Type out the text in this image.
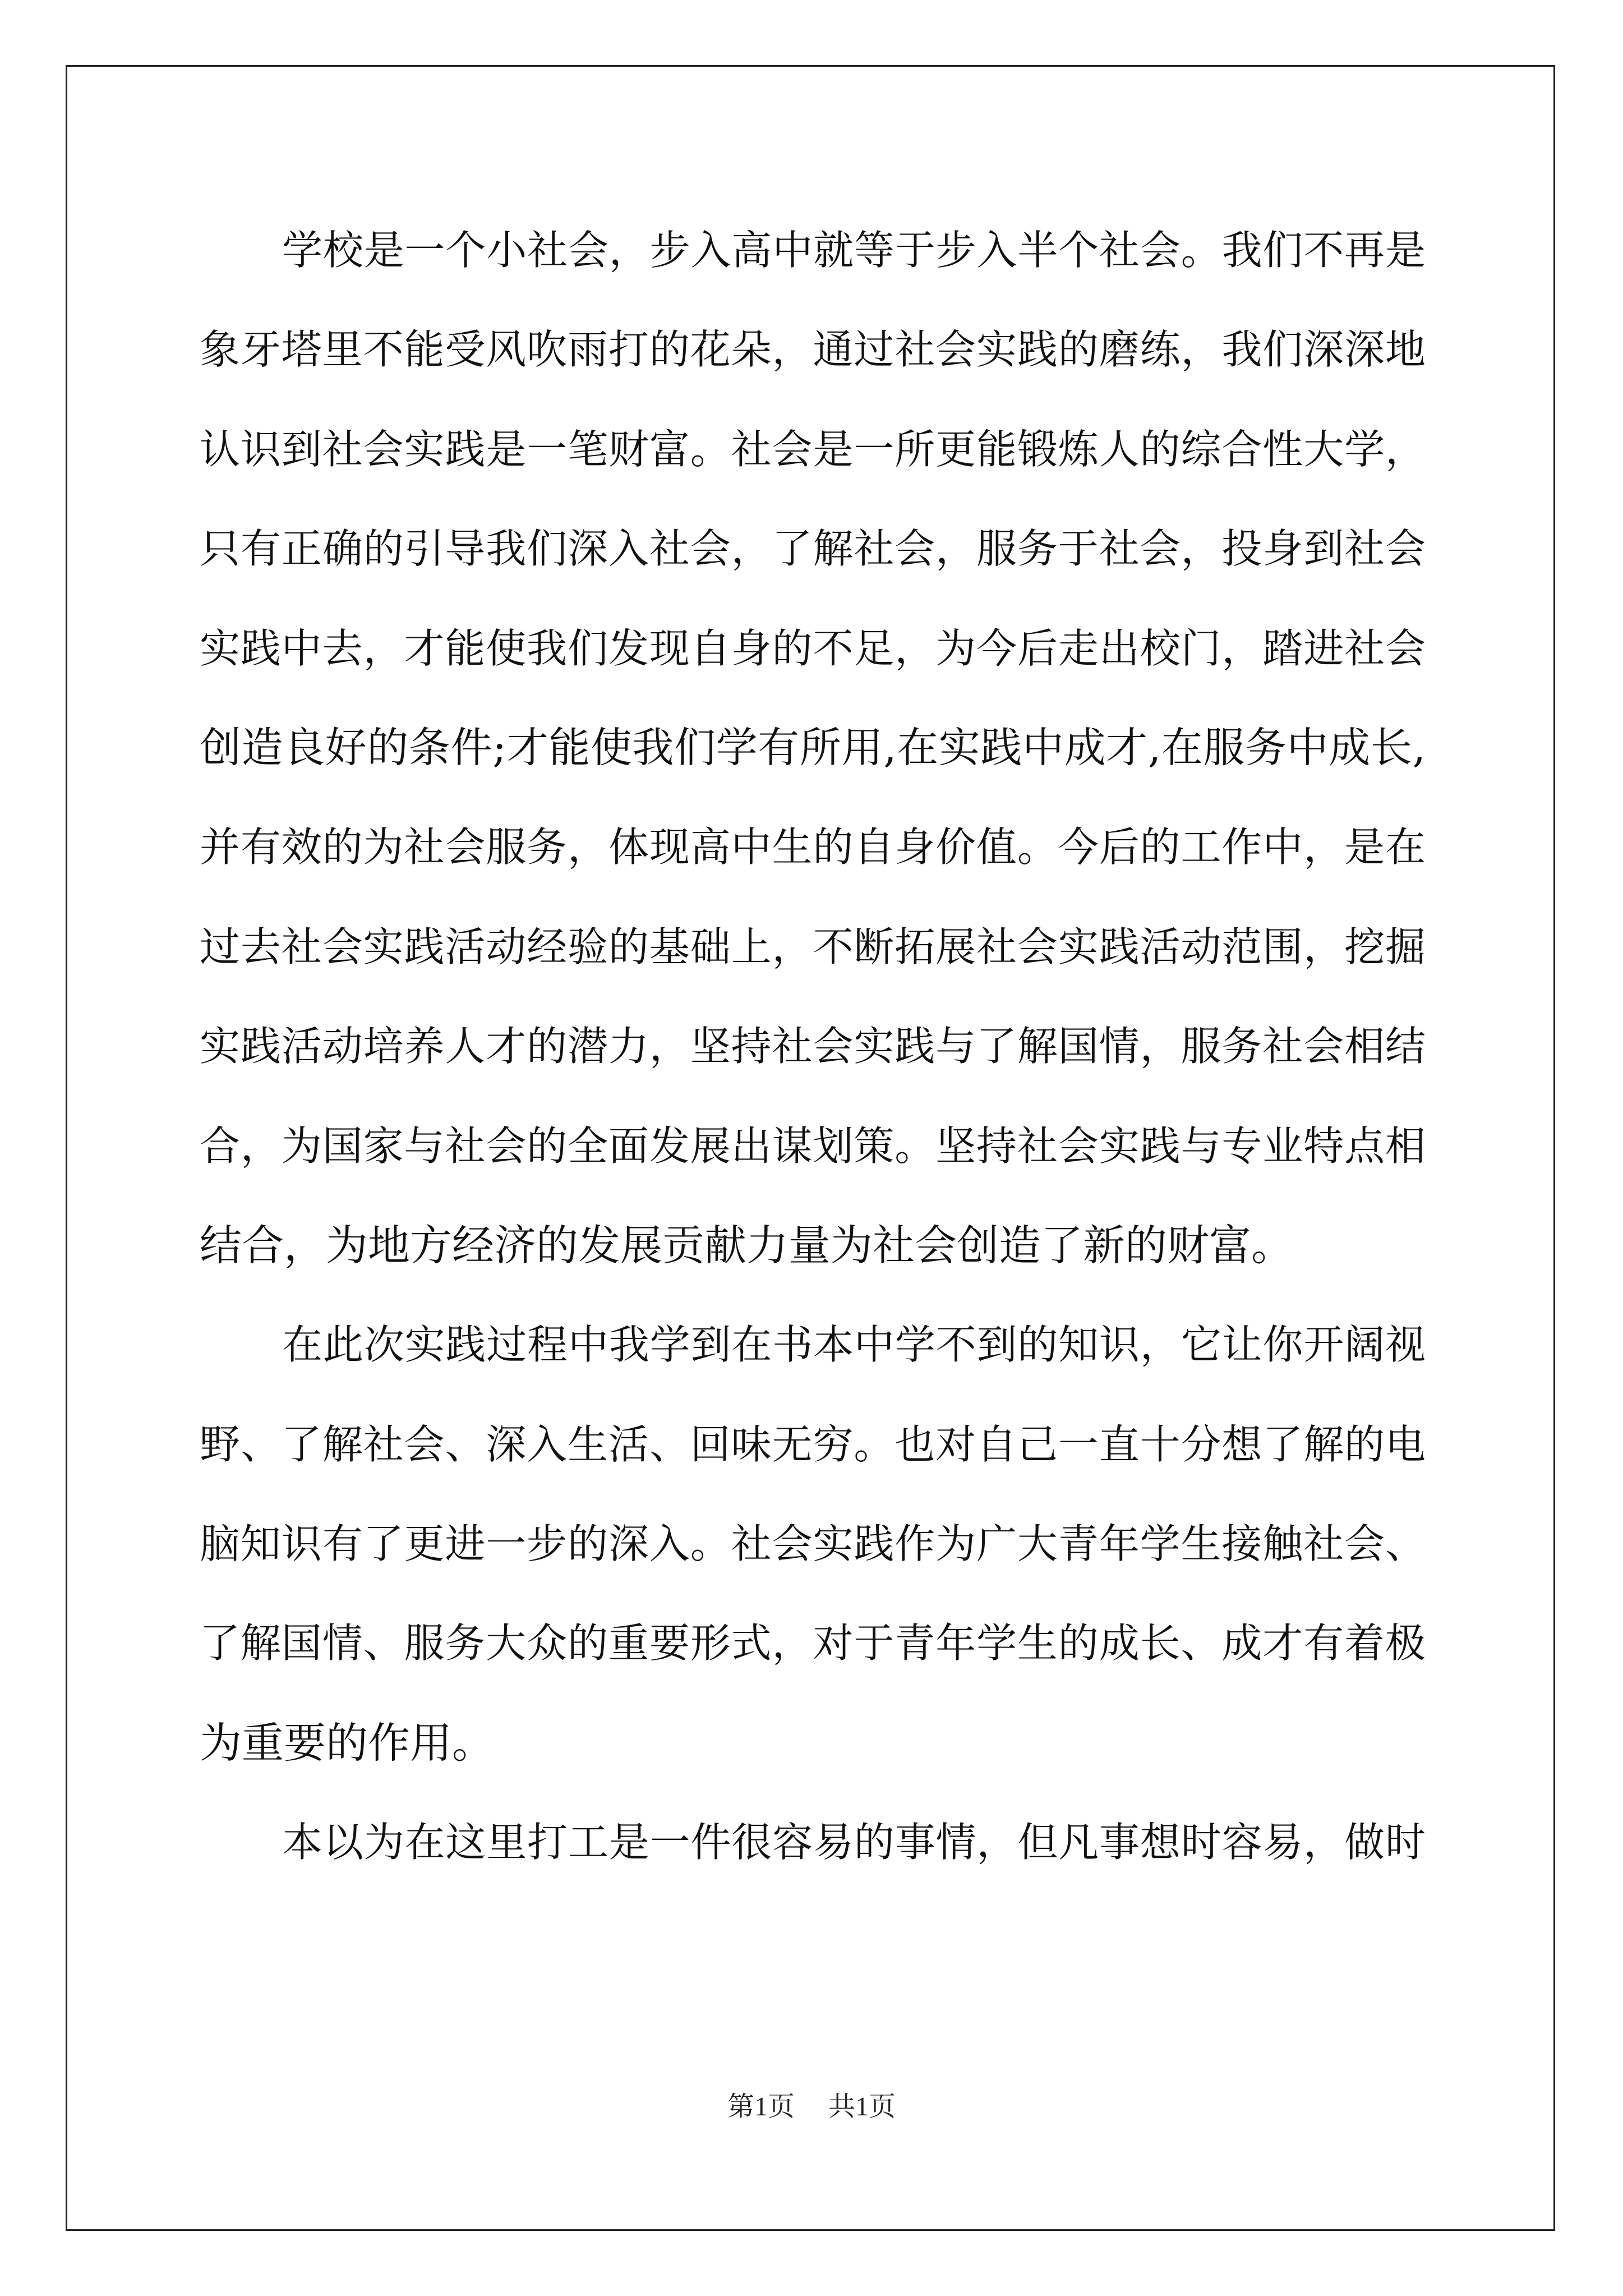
学校是一个小社会，步入高中就等于步入半个社会。我们不再是
象牙塔里不能受风吹雨打的花朵，通过社会实践的磨练，我们深深地
认识到社会实践是一笔财富。社会是一所更能锻炼人的综合性大学，
只有正确的引导我们深入社会，了解社会，服务于社会，投身到社会
实践中去，才能使我们发现自身的不足，为今后走出校门，踏进社会
创造良好的条件;才能使我们学有所用,在实践中成才,在服务中成长,
并有效的为社会服务，体现高中生的自身价值。今后的工作中，是在
过去社会实践活动经验的基础上，不断拓展社会实践活动范围，挖掘
实践活动培养人才的潜力，坚持社会实践与了解国情，服务社会相结
合，为国家与社会的全面发展出谋划策。坚持社会实践与专业特点相
结合，为地方经济的发展贡献力量为社会创造了新的财富。
在此次实践过程中我学到在书本中学不到的知识，它让你开阔视
野、了解社会、深入生活、回味无穷。也对自己一直十分想了解的电
脑知识有了更进一步的深入。社会实践作为广大青年学生接触社会、
了解国情、服务大众的重要形式，对于青年学生的成长、成才有着极
为重要的作用。
本以为在这里打工是一件很容易的事情，但凡事想时容易，做时
第1页 共1页
